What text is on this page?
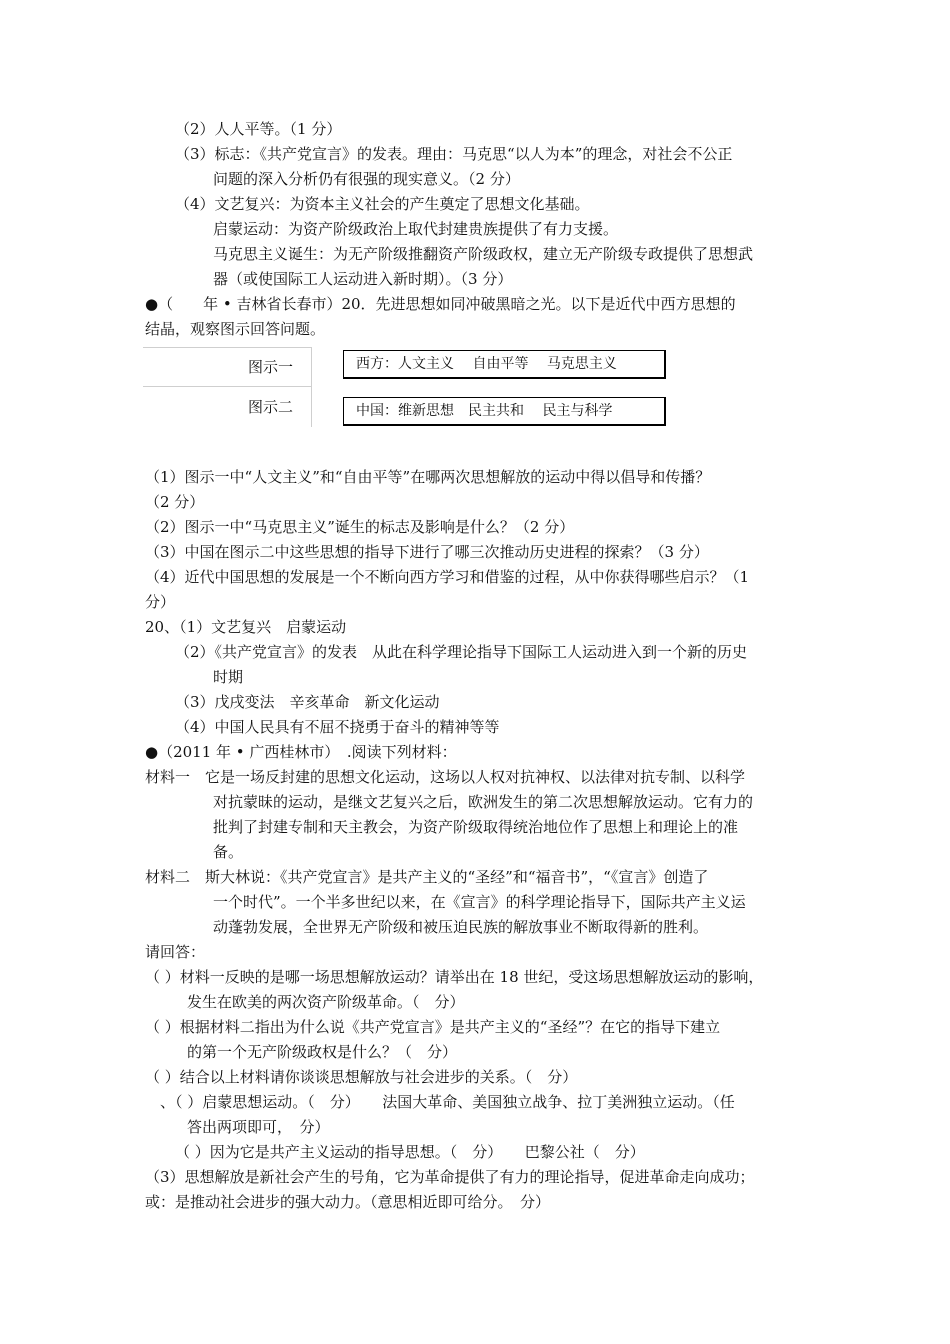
（2）人人平等。（1 分）
（3）标志：《共产党宣言》的发表。理由：马克思“以人为本”的理念，对社会不公正
问题的深入分析仍有很强的现实意义。（2 分）
（4）文艺复兴：为资本主义社会的产生奠定了思想文化基础。
启蒙运动：为资产阶级政治上取代封建贵族提供了有力支援。
马克思主义诞生：为无产阶级推翻资产阶级政权，建立无产阶级专政提供了思想武
器（或使国际工人运动进入新时期）。（3 分）
●（　　年 • 吉林省长春市）20．先进思想如同冲破黑暗之光。以下是近代中西方思想的
结晶，观察图示回答问题。
（1）图示一中“人文主义”和“自由平等”在哪两次思想解放的运动中得以倡导和传播？
（2 分）
（2）图示一中“马克思主义”诞生的标志及影响是什么？（2 分）
（3）中国在图示二中这些思想的指导下进行了哪三次推动历史进程的探索？（3 分）
（4）近代中国思想的发展是一个不断向西方学习和借鉴的过程，从中你获得哪些启示？（1
分）
20、（1）文艺复兴　启蒙运动
（2）《共产党宣言》的发表　从此在科学理论指导下国际工人运动进入到一个新的历史
时期
（3）戊戌变法　辛亥革命　新文化运动
（4）中国人民具有不屈不挠勇于奋斗的精神等等
●（2011 年 • 广西桂林市）　.阅读下列材料：
材料一　它是一场反封建的思想文化运动，这场以人权对抗神权、以法律对抗专制、以科学
对抗蒙昧的运动，是继文艺复兴之后，欧洲发生的第二次思想解放运动。它有力的
批判了封建专制和天主教会，为资产阶级取得统治地位作了思想上和理论上的准
备。
材料二　斯大林说：《共产党宣言》是共产主义的“圣经”和“福音书”，“《宣言》创造了
一个时代”。一个半多世纪以来，在《宣言》的科学理论指导下，国际共产主义运
动蓬勃发展，全世界无产阶级和被压迫民族的解放事业不断取得新的胜利。
请回答：
（ ）材料一反映的是哪一场思想解放运动？请举出在 18 世纪，受这场思想解放运动的影响，
发生在欧美的两次资产阶级革命。（　分）
（ ）根据材料二指出为什么说《共产党宣言》是共产主义的“圣经”？在它的指导下建立
的第一个无产阶级政权是什么？（　分）
（ ）结合以上材料请你谈谈思想解放与社会进步的关系。（　分）
、（ ）启蒙思想运动。（　分）　　法国大革命、美国独立战争、拉丁美洲独立运动。（任
答出两项即可，　分）
（ ）因为它是共产主义运动的指导思想。（　分）　　巴黎公社（　分）
（3）思想解放是新社会产生的号角，它为革命提供了有力的理论指导，促进革命走向成功；
或：是推动社会进步的强大动力。（意思相近即可给分。　分）
图示一	西方：人文主义　 自由平等　 马克思主义
图示二	中国：维新思想　民主共和　 民主与科学
